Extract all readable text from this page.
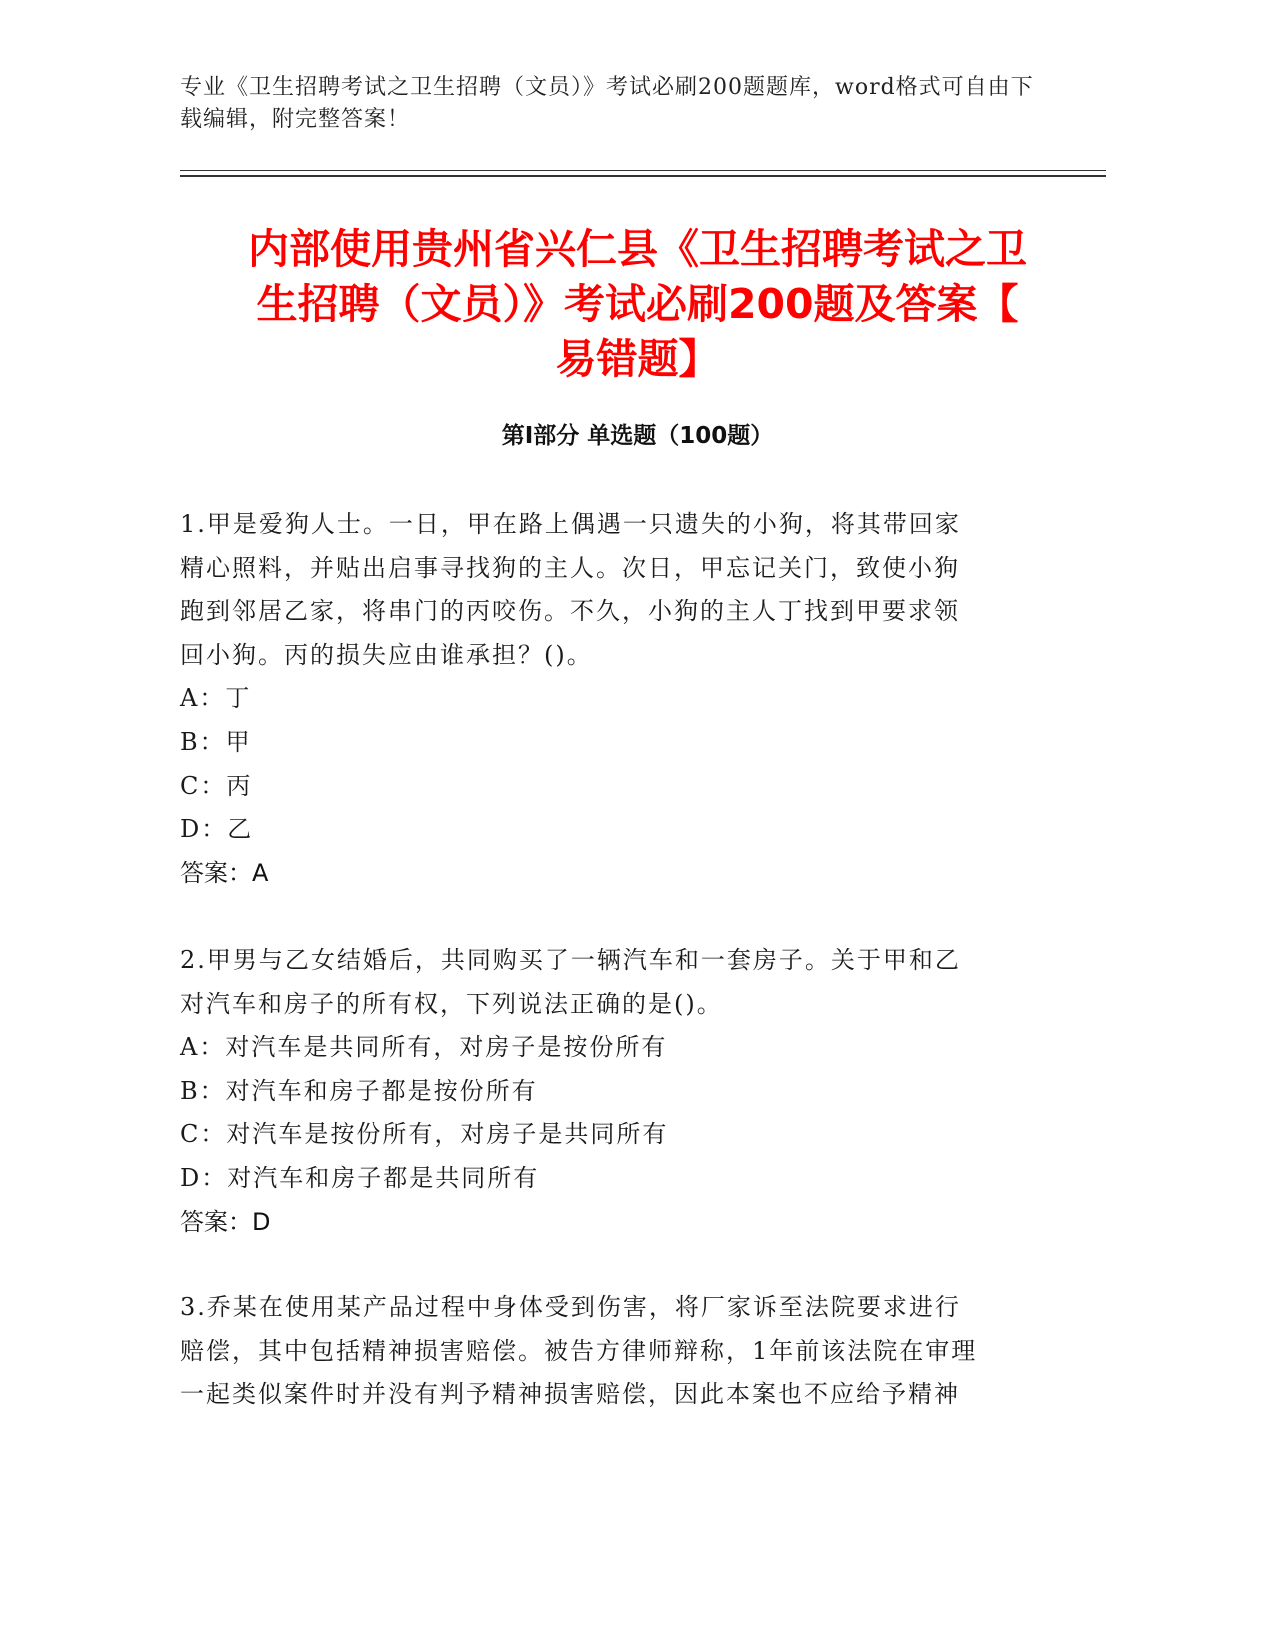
专业《卫生招聘考试之卫生招聘（文员）》考试必刷200题题库，word格式可自由下载编辑，附完整答案！
内部使用贵州省兴仁县《卫生招聘考试之卫
生招聘（文员）》考试必刷200题及答案【
易错题】
第Ⅰ部分 单选题（100题）

1.甲是爱狗人士。一日，甲在路上偶遇一只遗失的小狗，将其带回家

精心照料，并贴出启事寻找狗的主人。次日，甲忘记关门，致使小狗

跑到邻居乙家，将串门的丙咬伤。不久，小狗的主人丁找到甲要求领

回小狗。丙的损失应由谁承担？()。

A：丁

B：甲

C：丙

D：乙

答案：A

2.甲男与乙女结婚后，共同购买了一辆汽车和一套房子。关于甲和乙

对汽车和房子的所有权，下列说法正确的是()。

A：对汽车是共同所有，对房子是按份所有

B：对汽车和房子都是按份所有

C：对汽车是按份所有，对房子是共同所有

D：对汽车和房子都是共同所有

答案：D

3.乔某在使用某产品过程中身体受到伤害，将厂家诉至法院要求进行

赔偿，其中包括精神损害赔偿。被告方律师辩称，1年前该法院在审理

一起类似案件时并没有判予精神损害赔偿，因此本案也不应给予精神
